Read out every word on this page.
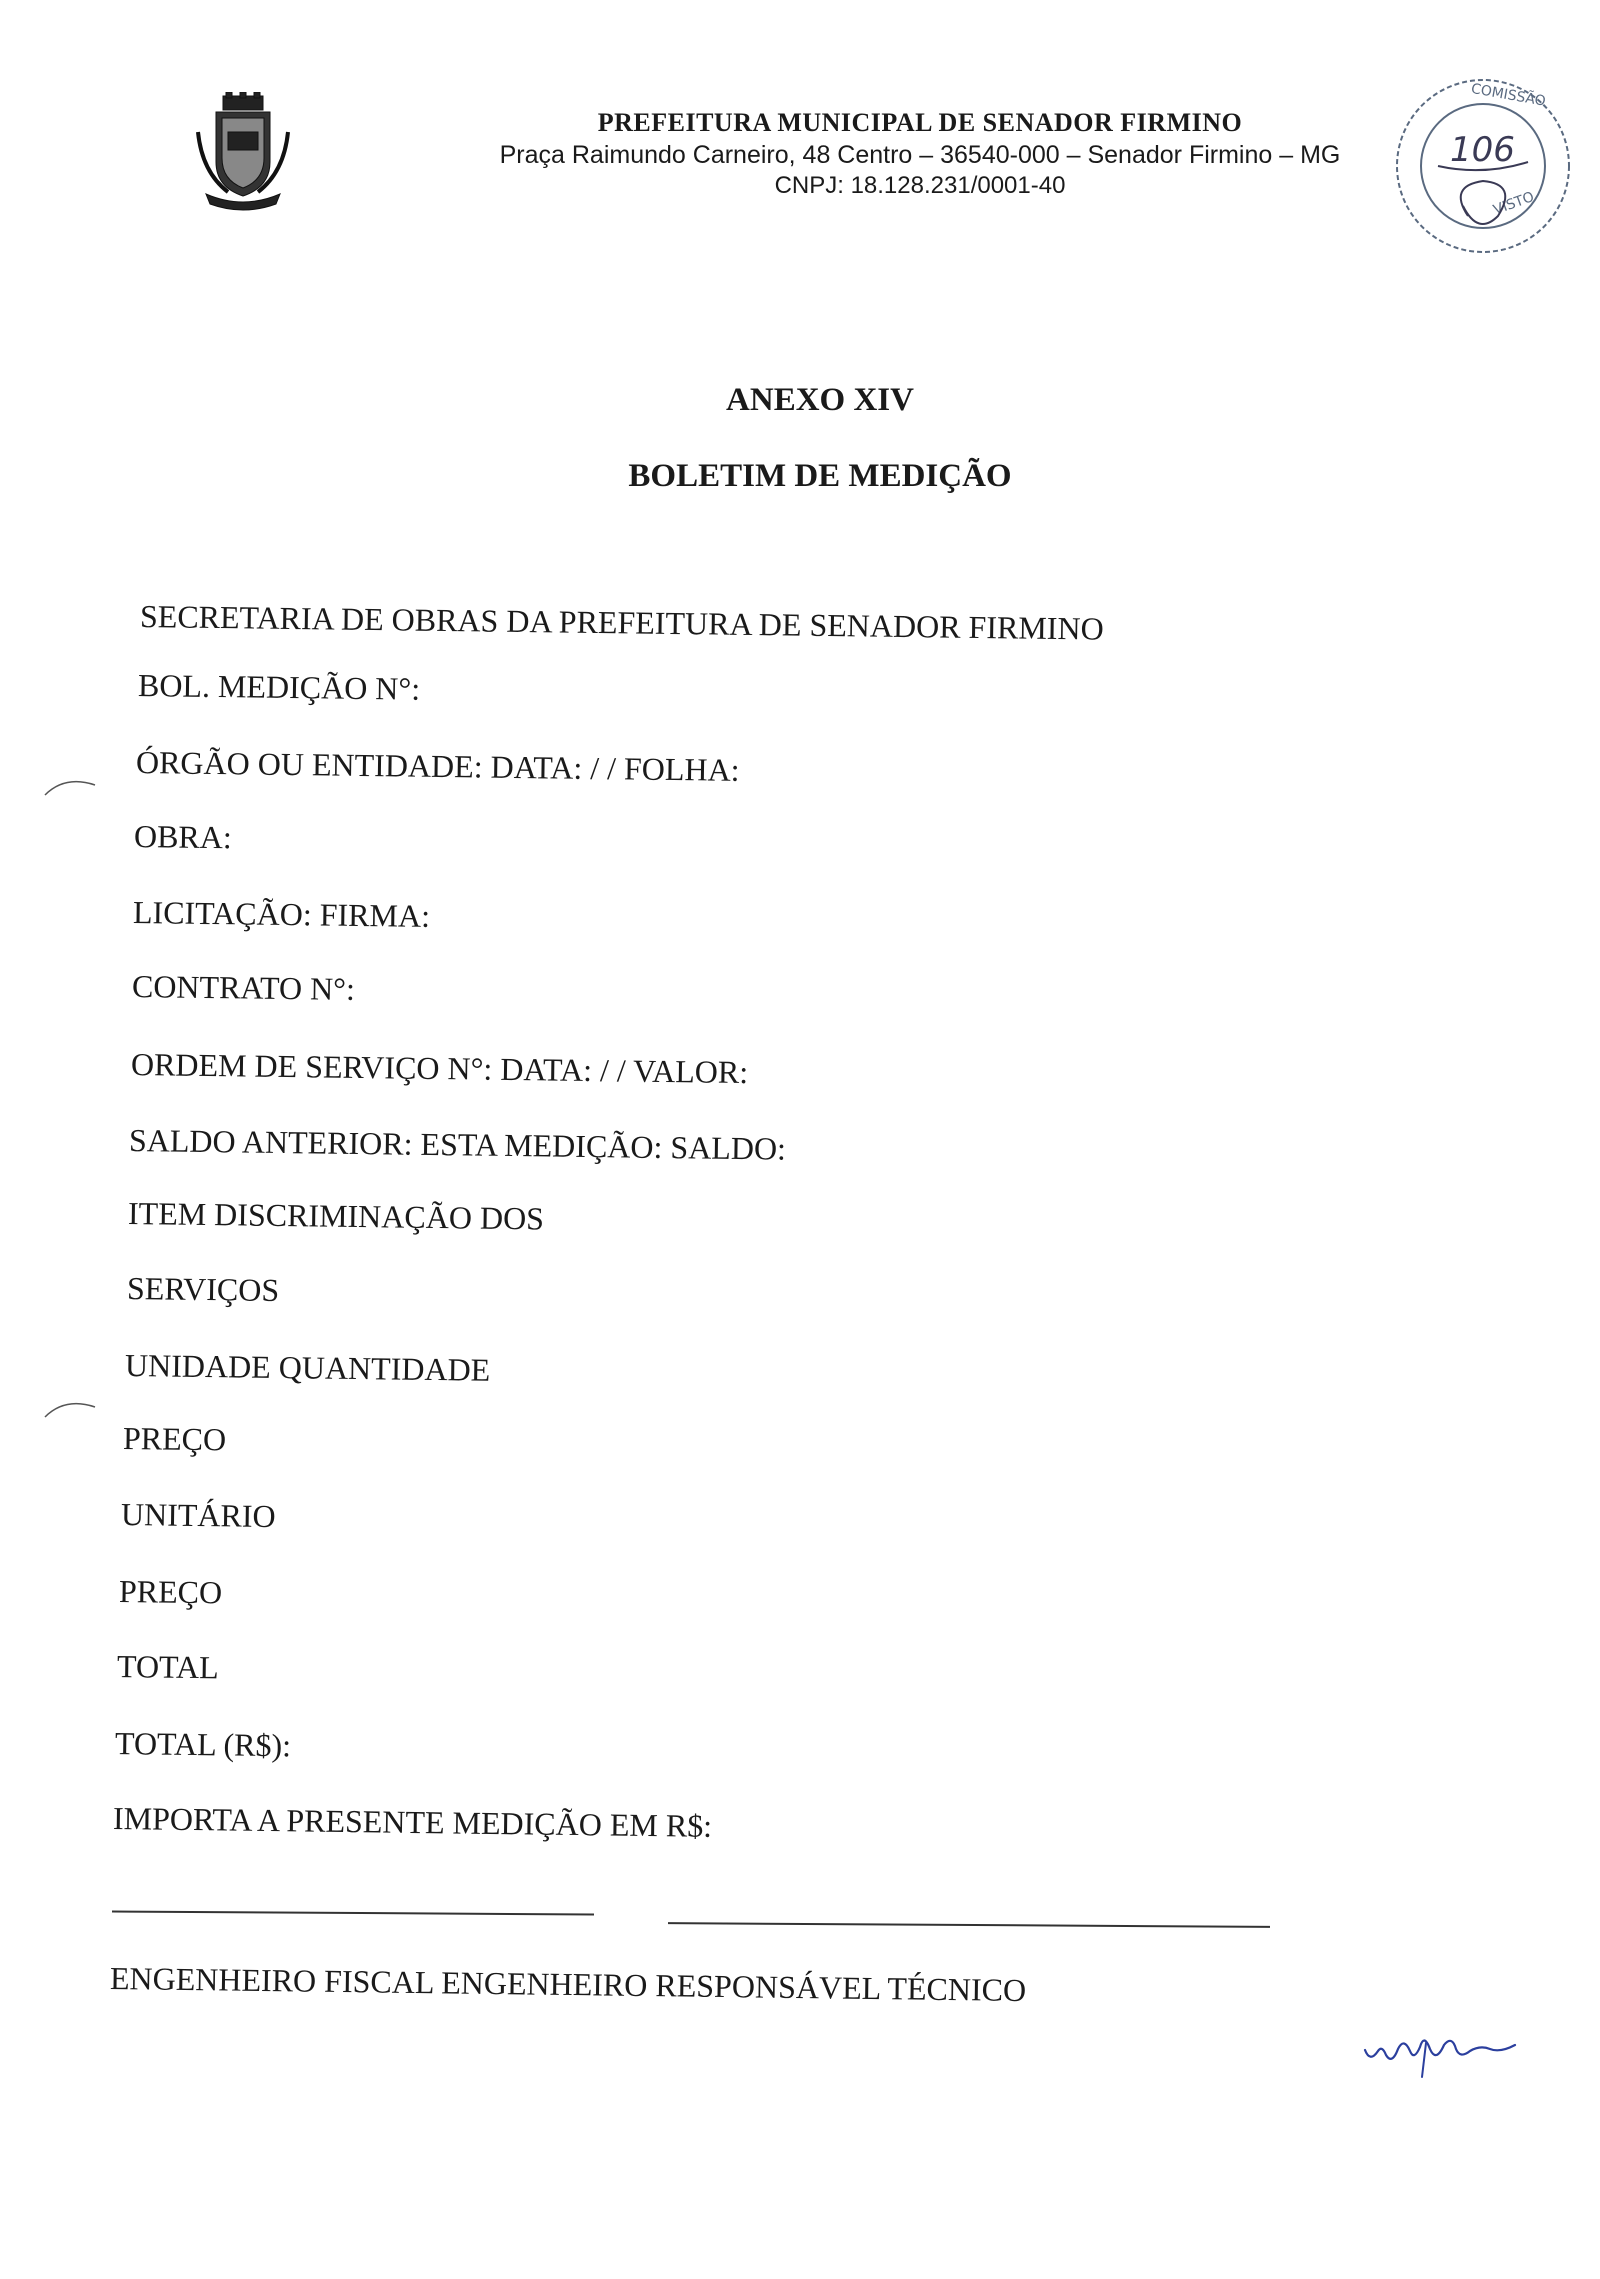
PREFEITURA MUNICIPAL DE SENADOR FIRMINO
Praça Raimundo Carneiro, 48 Centro – 36540-000 – Senador Firmino – MG
CNPJ: 18.128.231/0001-40
COMISSÃO
VISTO
106
ANEXO XIV
BOLETIM DE MEDIÇÃO
SECRETARIA DE OBRAS DA PREFEITURA DE SENADOR FIRMINO
BOL. MEDIÇÃO N°:
ÓRGÃO OU ENTIDADE: DATA: / / FOLHA:
OBRA:
LICITAÇÃO: FIRMA:
CONTRATO N°:
ORDEM DE SERVIÇO N°: DATA: / / VALOR:
SALDO ANTERIOR: ESTA MEDIÇÃO: SALDO:
ITEM DISCRIMINAÇÃO DOS
SERVIÇOS
UNIDADE QUANTIDADE
PREÇO
UNITÁRIO
PREÇO
TOTAL
TOTAL (R$):
IMPORTA A PRESENTE MEDIÇÃO EM R$:
ENGENHEIRO FISCAL ENGENHEIRO RESPONSÁVEL TÉCNICO
